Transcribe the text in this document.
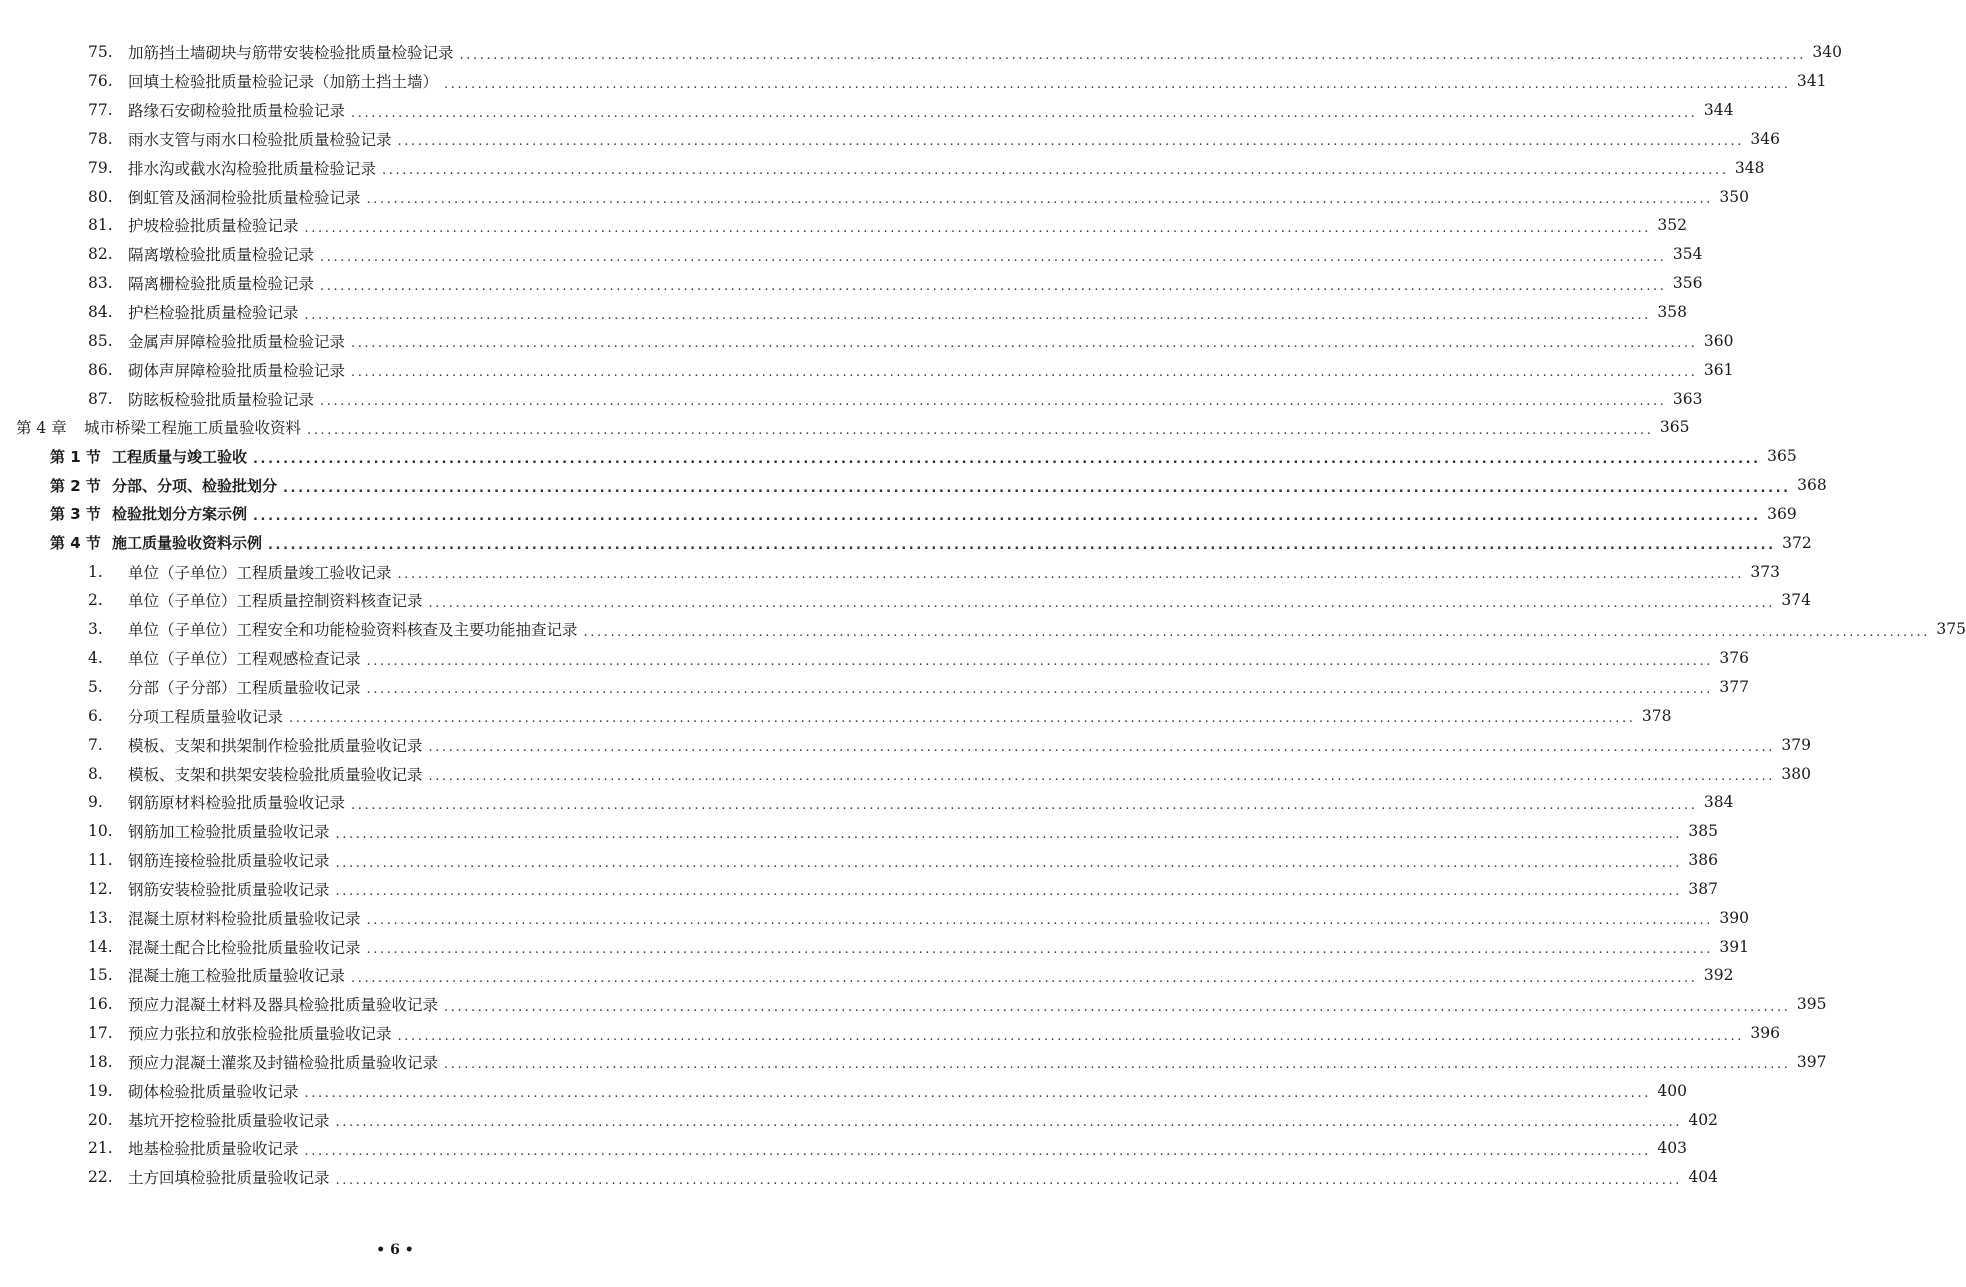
75. 加筋挡土墙砌块与筋带安装检验批质量检验记录 ........................................................................................................................................................................................................ 340
76. 回填土检验批质量检验记录（加筋土挡土墙） ........................................................................................................................................................................................................ 341
77. 路缘石安砌检验批质量检验记录 ........................................................................................................................................................................................................ 344
78. 雨水支管与雨水口检验批质量检验记录 ........................................................................................................................................................................................................ 346
79. 排水沟或截水沟检验批质量检验记录 ........................................................................................................................................................................................................ 348
80. 倒虹管及涵洞检验批质量检验记录 ........................................................................................................................................................................................................ 350
81. 护坡检验批质量检验记录 ........................................................................................................................................................................................................ 352
82. 隔离墩检验批质量检验记录 ........................................................................................................................................................................................................ 354
83. 隔离栅检验批质量检验记录 ........................................................................................................................................................................................................ 356
84. 护栏检验批质量检验记录 ........................................................................................................................................................................................................ 358
85. 金属声屏障检验批质量检验记录 ........................................................................................................................................................................................................ 360
86. 砌体声屏障检验批质量检验记录 ........................................................................................................................................................................................................ 361
87. 防眩板检验批质量检验记录 ........................................................................................................................................................................................................ 363
第 4 章	城市桥梁工程施工质量验收资料 ........................................................................................................................................................................................................ 365
第 1 节 工程质量与竣工验收 ........................................................................................................................................................................................................ 365
第 2 节 分部、分项、检验批划分 ........................................................................................................................................................................................................ 368
第 3 节 检验批划分方案示例 ........................................................................................................................................................................................................ 369
第 4 节 施工质量验收资料示例 ........................................................................................................................................................................................................ 372
1.	单位（子单位）工程质量竣工验收记录 ........................................................................................................................................................................................................ 373
2.	单位（子单位）工程质量控制资料核查记录 ........................................................................................................................................................................................................ 374
3.	单位（子单位）工程安全和功能检验资料核查及主要功能抽查记录 ........................................................................................................................................................................................................ 375
4.	单位（子单位）工程观感检查记录 ........................................................................................................................................................................................................ 376
5.	分部（子分部）工程质量验收记录 ........................................................................................................................................................................................................ 377
6.	分项工程质量验收记录 ........................................................................................................................................................................................................ 378
7.	模板、支架和拱架制作检验批质量验收记录 ........................................................................................................................................................................................................ 379
8.	模板、支架和拱架安装检验批质量验收记录 ........................................................................................................................................................................................................ 380
9.	钢筋原材料检验批质量验收记录 ........................................................................................................................................................................................................ 384
10. 钢筋加工检验批质量验收记录 ........................................................................................................................................................................................................ 385
11. 钢筋连接检验批质量验收记录 ........................................................................................................................................................................................................ 386
12. 钢筋安装检验批质量验收记录 ........................................................................................................................................................................................................ 387
13. 混凝土原材料检验批质量验收记录 ........................................................................................................................................................................................................ 390
14. 混凝土配合比检验批质量验收记录 ........................................................................................................................................................................................................ 391
15. 混凝土施工检验批质量验收记录 ........................................................................................................................................................................................................ 392
16. 预应力混凝土材料及器具检验批质量验收记录 ........................................................................................................................................................................................................ 395
17. 预应力张拉和放张检验批质量验收记录 ........................................................................................................................................................................................................ 396
18. 预应力混凝土灌浆及封锚检验批质量验收记录 ........................................................................................................................................................................................................ 397
19. 砌体检验批质量验收记录 ........................................................................................................................................................................................................ 400
20. 基坑开挖检验批质量验收记录 ........................................................................................................................................................................................................ 402
21. 地基检验批质量验收记录 ........................................................................................................................................................................................................ 403
22. 土方回填检验批质量验收记录 ........................................................................................................................................................................................................ 404
• 6 •
